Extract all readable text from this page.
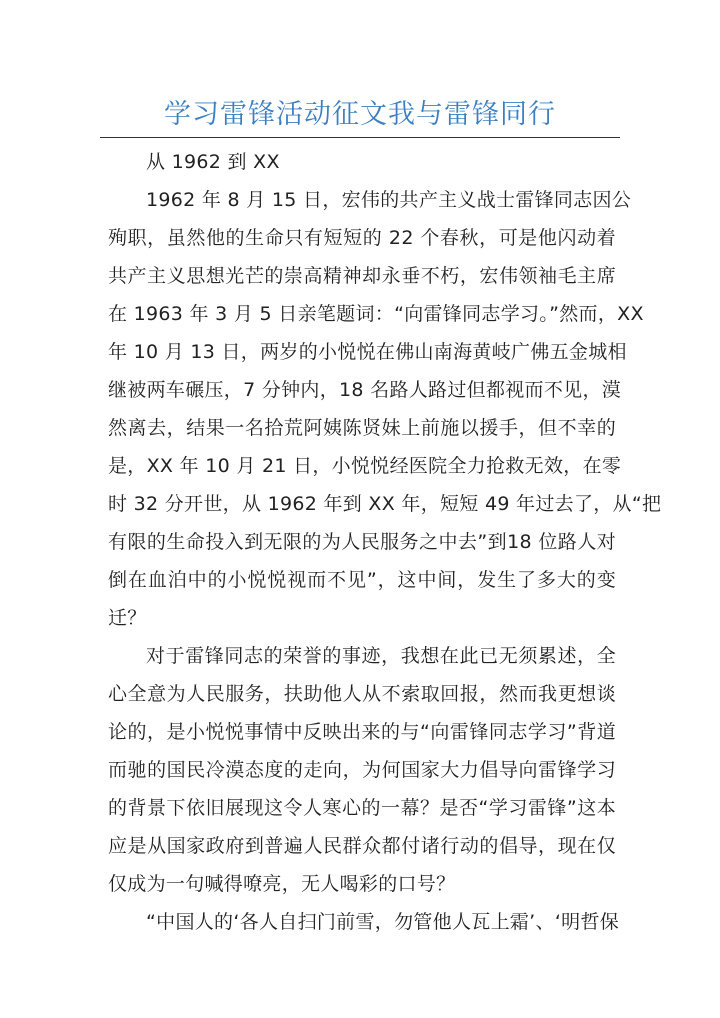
学习雷锋活动征文我与雷锋同行
从 1962 到 XX
1962 年 8 月 15 日，宏伟的共产主义战士雷锋同志因公
殉职，虽然他的生命只有短短的 22 个春秋，可是他闪动着
共产主义思想光芒的崇高精神却永垂不朽，宏伟领袖毛主席
在 1963 年 3 月 5 日亲笔题词：“向雷锋同志学习。”然而，XX
年 10 月 13 日，两岁的小悦悦在佛山南海黄岐广佛五金城相
继被两车碾压，7 分钟内，18 名路人路过但都视而不见，漠
然离去，结果一名拾荒阿姨陈贤妹上前施以援手，但不幸的
是，XX 年 10 月 21 日，小悦悦经医院全力抢救无效，在零
时 32 分开世，从 1962 年到 XX 年，短短 49 年过去了，从“把
有限的生命投入到无限的为人民服务之中去”到18 位路人对
倒在血泊中的小悦悦视而不见”，这中间，发生了多大的变
迁？
对于雷锋同志的荣誉的事迹，我想在此已无须累述，全
心全意为人民服务，扶助他人从不索取回报，然而我更想谈
论的，是小悦悦事情中反映出来的与“向雷锋同志学习”背道
而驰的国民冷漠态度的走向，为何国家大力倡导向雷锋学习
的背景下依旧展现这令人寒心的一幕？是否“学习雷锋”这本
应是从国家政府到普遍人民群众都付诸行动的倡导，现在仅
仅成为一句喊得嘹亮，无人喝彩的口号？
“中国人的‘各人自扫门前雪，勿管他人瓦上霜’、‘明哲保
